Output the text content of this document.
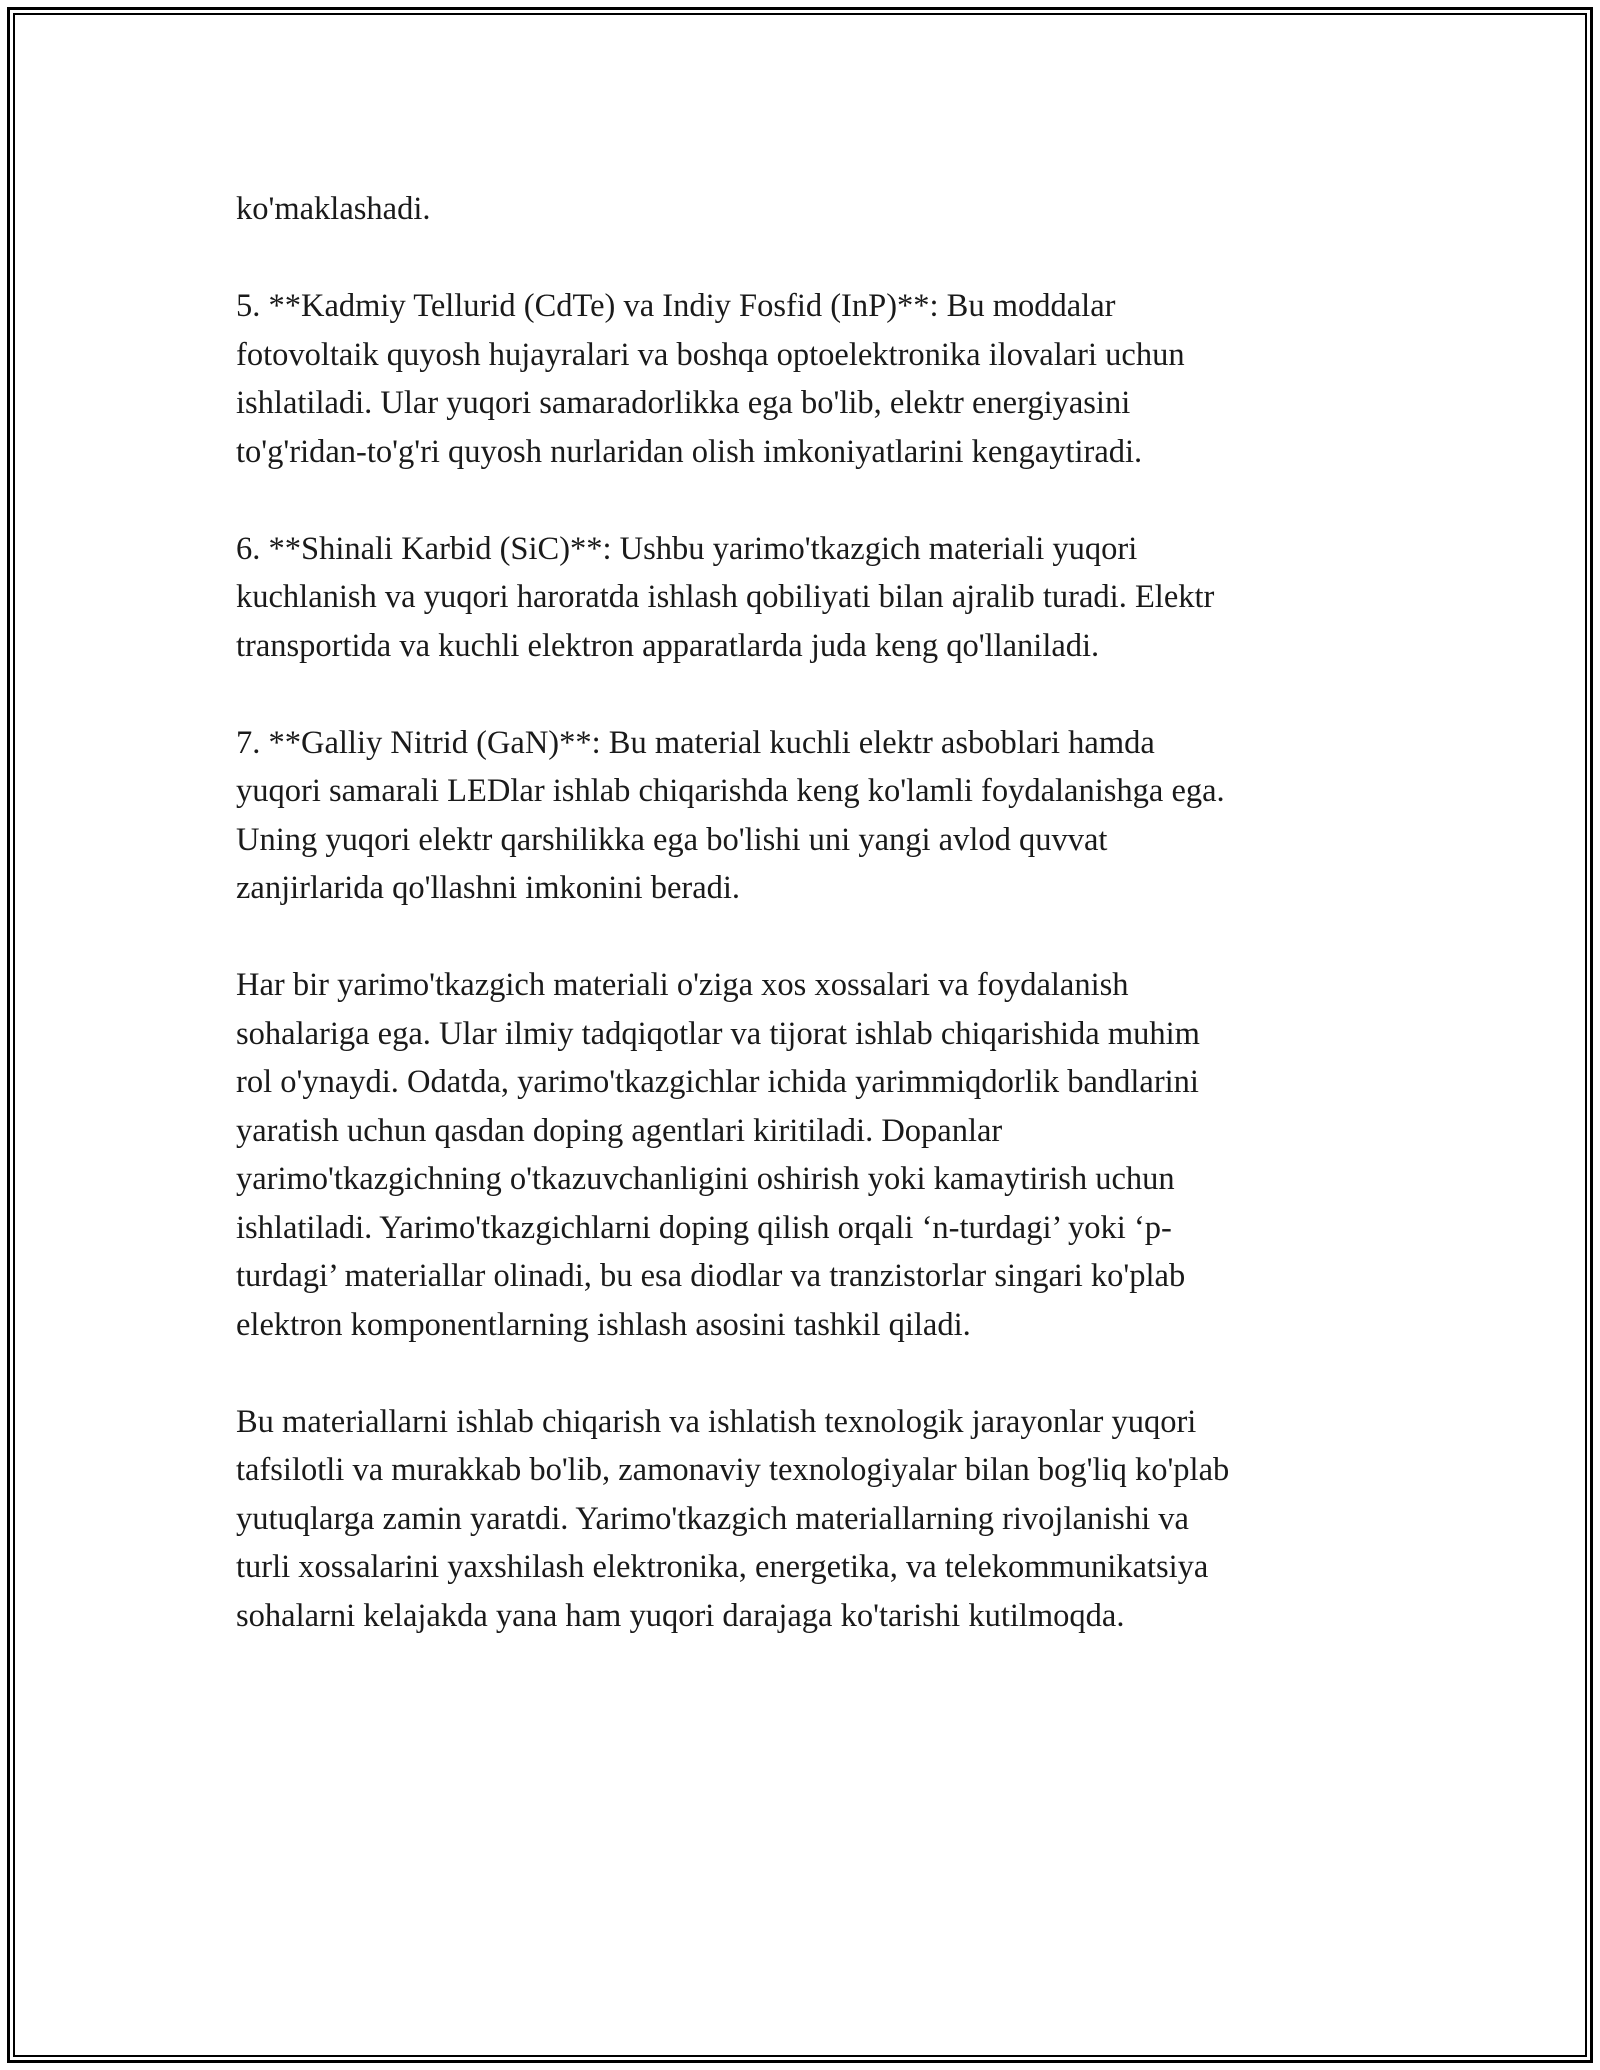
ko'maklashadi.

5. **Kadmiy Tellurid (CdTe) va Indiy Fosfid (InP)**: Bu moddalar
fotovoltaik quyosh hujayralari va boshqa optoelektronika ilovalari uchun
ishlatiladi. Ular yuqori samaradorlikka ega bo'lib, elektr energiyasini
to'g'ridan-to'g'ri quyosh nurlaridan olish imkoniyatlarini kengaytiradi.

6. **Shinali Karbid (SiC)**: Ushbu yarimo'tkazgich materiali yuqori
kuchlanish va yuqori haroratda ishlash qobiliyati bilan ajralib turadi. Elektr
transportida va kuchli elektron apparatlarda juda keng qo'llaniladi.

7. **Galliy Nitrid (GaN)**: Bu material kuchli elektr asboblari hamda
yuqori samarali LEDlar ishlab chiqarishda keng ko'lamli foydalanishga ega.
Uning yuqori elektr qarshilikka ega bo'lishi uni yangi avlod quvvat
zanjirlarida qo'llashni imkonini beradi.

Har bir yarimo'tkazgich materiali o'ziga xos xossalari va foydalanish
sohalariga ega. Ular ilmiy tadqiqotlar va tijorat ishlab chiqarishida muhim
rol o'ynaydi. Odatda, yarimo'tkazgichlar ichida yarimmiqdorlik bandlarini
yaratish uchun qasdan doping agentlari kiritiladi. Dopanlar
yarimo'tkazgichning o'tkazuvchanligini oshirish yoki kamaytirish uchun
ishlatiladi. Yarimo'tkazgichlarni doping qilish orqali ‘n-turdagi’ yoki ‘p-
turdagi’ materiallar olinadi, bu esa diodlar va tranzistorlar singari ko'plab
elektron komponentlarning ishlash asosini tashkil qiladi.

Bu materiallarni ishlab chiqarish va ishlatish texnologik jarayonlar yuqori
tafsilotli va murakkab bo'lib, zamonaviy texnologiyalar bilan bog'liq ko'plab
yutuqlarga zamin yaratdi. Yarimo'tkazgich materiallarning rivojlanishi va
turli xossalarini yaxshilash elektronika, energetika, va telekommunikatsiya
sohalarni kelajakda yana ham yuqori darajaga ko'tarishi kutilmoqda.
